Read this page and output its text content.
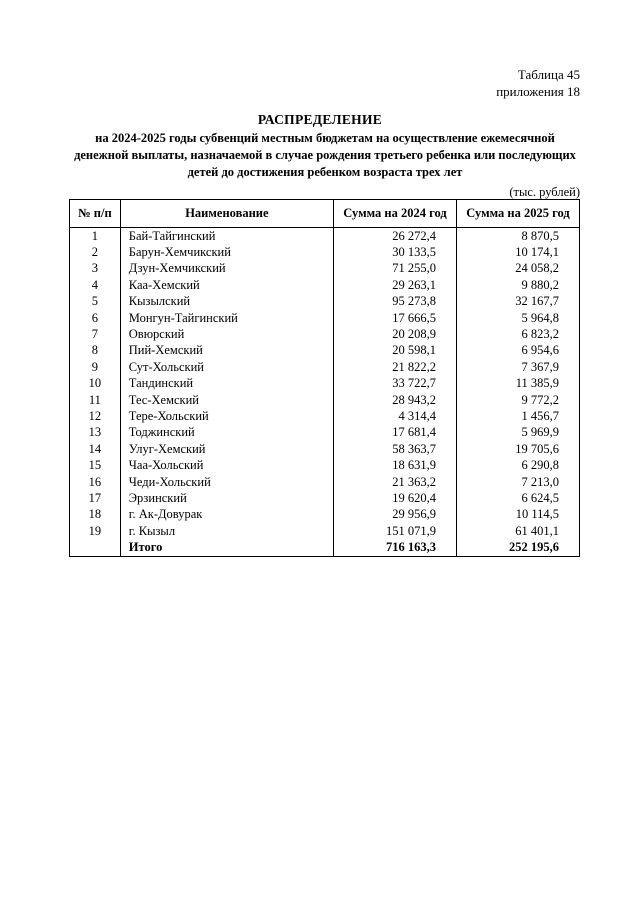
Таблица 45
приложения 18
РАСПРЕДЕЛЕНИЕ
на 2024-2025 годы субвенций местным бюджетам на осуществление ежемесячной денежной выплаты, назначаемой в случае рождения третьего ребенка или последующих детей до достижения ребенком возраста трех лет
(тыс. рублей)
№ п/п	Наименование	Сумма на 2024 год	Сумма на 2025 год
1	Бай-Тайгинский	26 272,4	8 870,5
2	Барун-Хемчикский	30 133,5	10 174,1
3	Дзун-Хемчикский	71 255,0	24 058,2
4	Каа-Хемский	29 263,1	9 880,2
5	Кызылский	95 273,8	32 167,7
6	Монгун-Тайгинский	17 666,5	5 964,8
7	Овюрский	20 208,9	6 823,2
8	Пий-Хемский	20 598,1	6 954,6
9	Сут-Хольский	21 822,2	7 367,9
10	Тандинский	33 722,7	11 385,9
11	Тес-Хемский	28 943,2	9 772,2
12	Тере-Хольский	4 314,4	1 456,7
13	Тоджинский	17 681,4	5 969,9
14	Улуг-Хемский	58 363,7	19 705,6
15	Чаа-Хольский	18 631,9	6 290,8
16	Чеди-Хольский	21 363,2	7 213,0
17	Эрзинский	19 620,4	6 624,5
18	г. Ак-Довурак	29 956,9	10 114,5
19	г. Кызыл	151 071,9	61 401,1
	Итого	716 163,3	252 195,6
